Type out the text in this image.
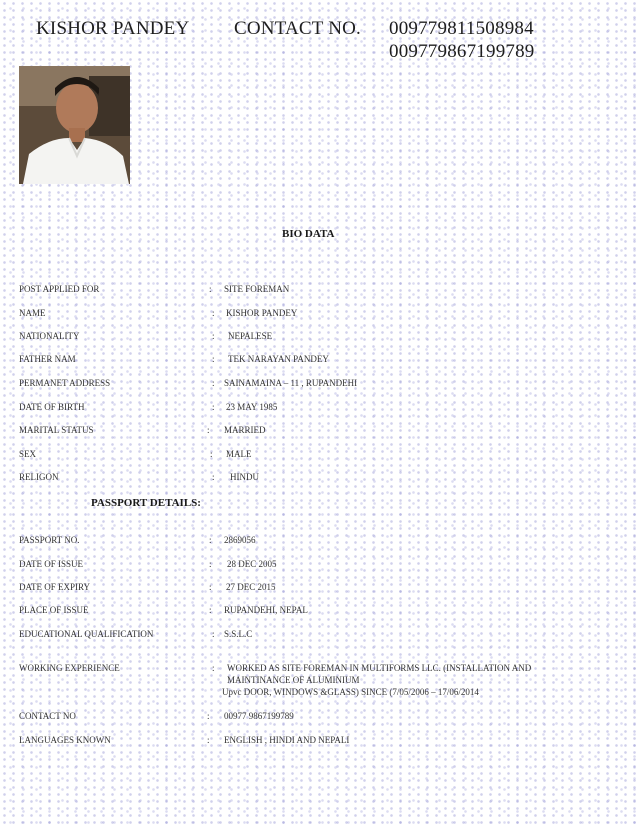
KISHOR PANDEY CONTACT NO. 009779811508984
009779867199789
BIO DATA
POST APPLIED FOR	: SITE FOREMAN
NAME	: KISHOR PANDEY
NATIONALITY	: NEPALESE
FATHER NAM	: TEK NARAYAN PANDEY
PERMANET ADDRESS	: SAINAMAINA – 11 , RUPANDEHI
DATE OF BIRTH	: 23 MAY 1985
MARITAL STATUS	: MARRIED
SEX	: MALE
RELIGON	: HINDU
PASSPORT DETAILS:
PASSPORT NO.	: 2869056
DATE OF ISSUE	: 28 DEC 2005
DATE OF EXPIRY	: 27 DEC 2015
PLACE OF ISSUE	: RUPANDEHI, NEPAL
EDUCATIONAL QUALIFICATION	: S.S.L.C
WORKING EXPERIENCE	: WORKED AS SITE FOREMAN IN MULTIFORMS LLC. (INSTALLATION AND
MAINTINANCE OF ALUMINIUM
Upvc DOOR, WINDOWS &GLASS) SINCE (7/05/2006 – 17/06/2014
CONTACT NO	: 00977 9867199789
LANGUAGES KNOWN	: ENGLISH , HINDI AND NEPALI
